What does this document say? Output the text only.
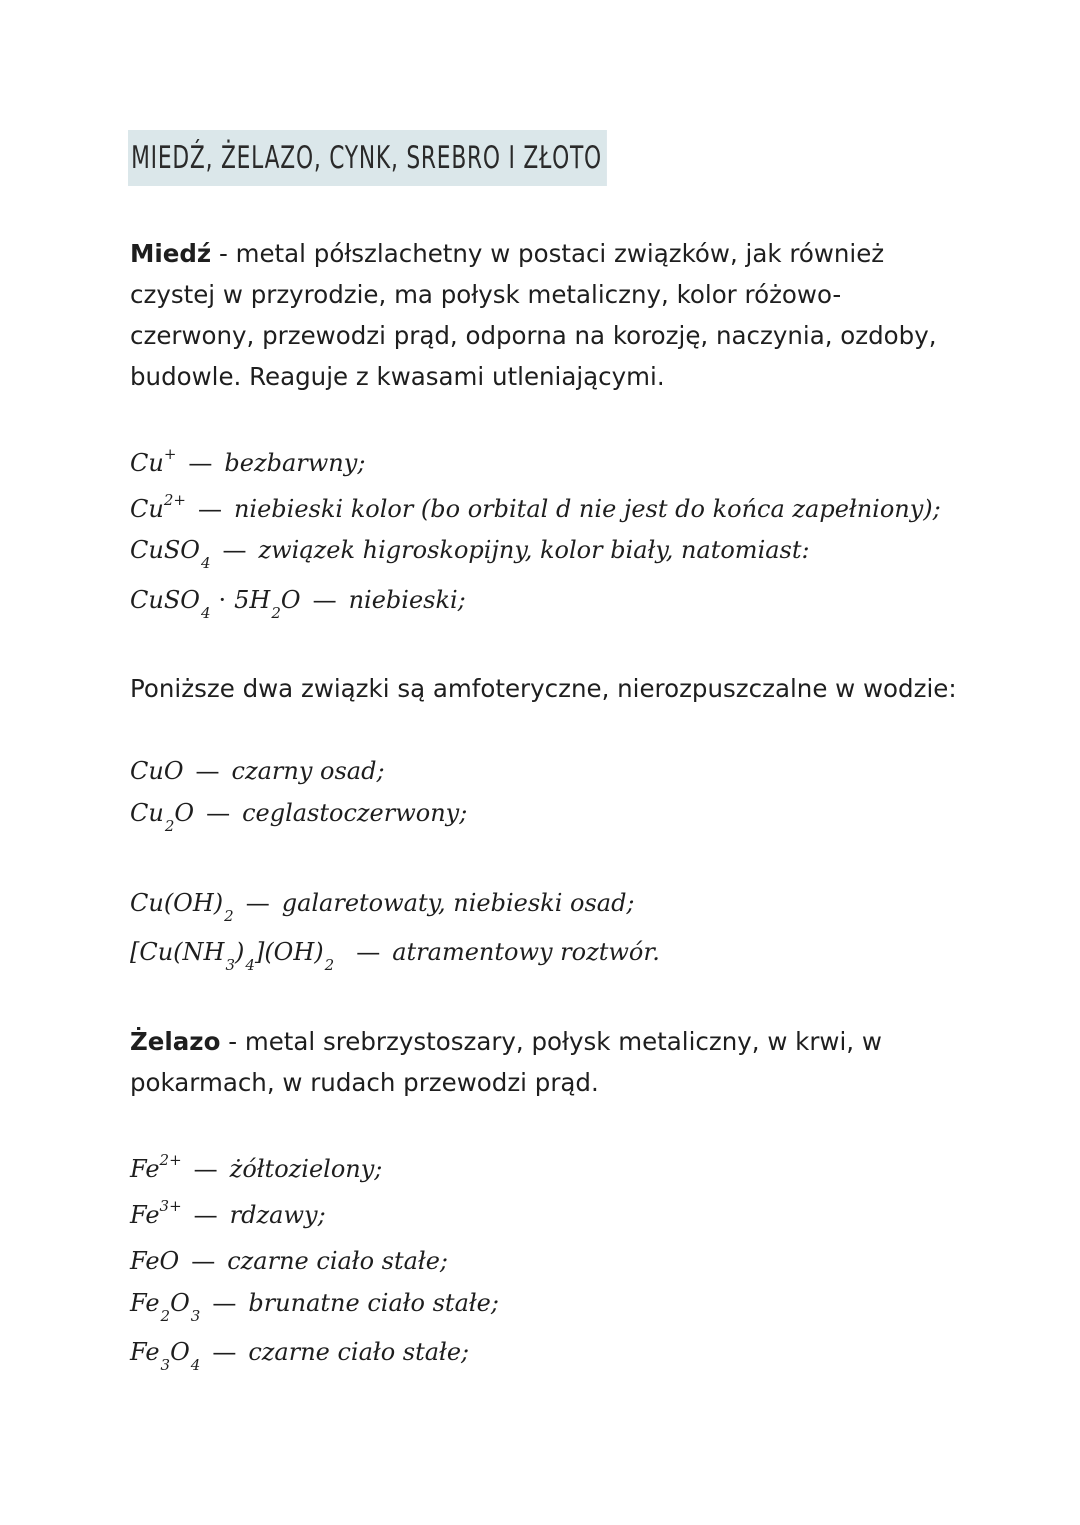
MIEDŹ, ŻELAZO, CYNK, SREBRO I ZŁOTO
Miedź - metal półszlachetny w postaci związków, jak również czystej w przyrodzie, ma połysk metaliczny, kolor różowo-czerwony, przewodzi prąd, odporna na korozję, naczynia, ozdoby, budowle. Reaguje z kwasami utleniającymi.
Cu+ — bezbarwny;
$Cu^{2+}$ — niebieski kolor (bo orbital d nie jest do końca zapełniony);
CuSO$_4$ — związek higroskopijny, kolor biały, natomiast:
CuSO$_4$ · $5H_2O$ — niebieski;
Poniższe dwa związki są amfoteryczne, nierozpuszczalne w wodzie:
CuO — czarny osad;
$Cu_2O$ — ceglastoczerwony;
$Cu(OH)_2$ — galaretowaty, niebieski osad;
$[Cu(NH_3)_4](OH)_2$ — atramentowy roztwór.
Żelazo - metal srebrzystoszary, połysk metaliczny, w krwi, w pokarmach, w rudach przewodzi prąd.
$Fe^{2+}$ — żółtozielony;
$Fe^{3+}$ — rdzawy;
FeO — czarne ciało stałe;
$Fe_2O_3$ — brunatne ciało stałe;
$Fe_3O_4$ — czarne ciało stałe;
